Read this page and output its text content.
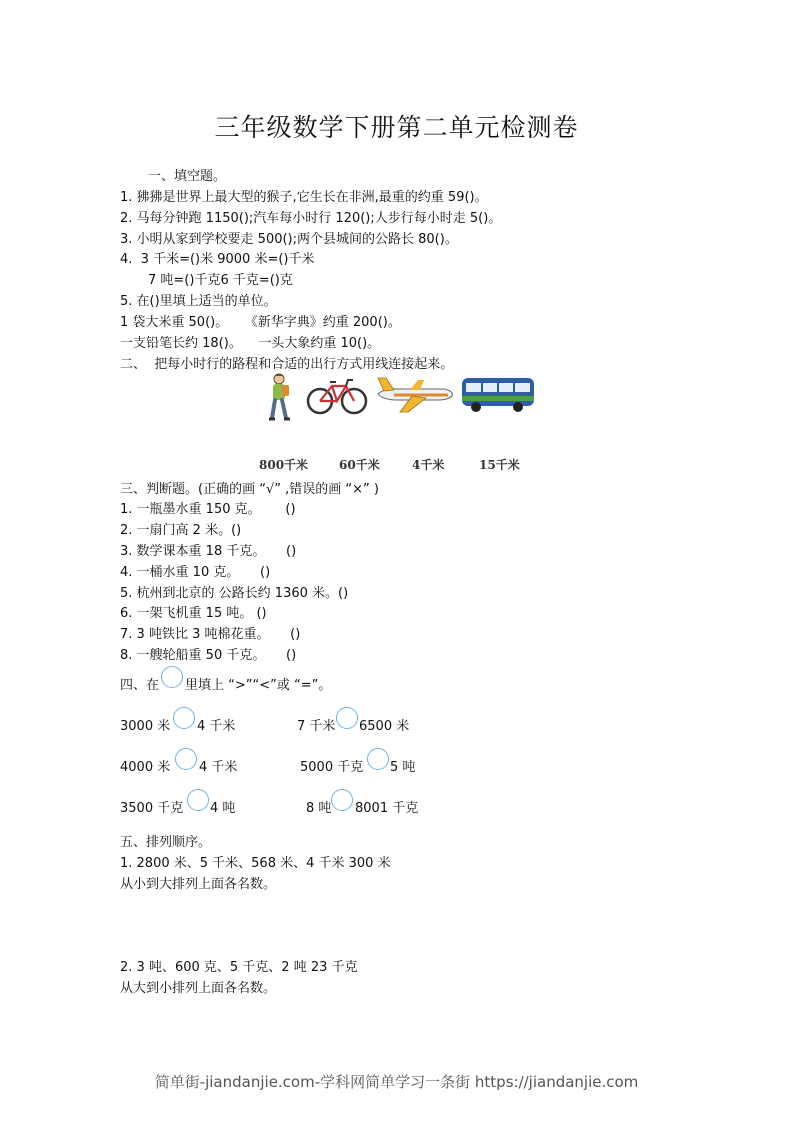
三年级数学下册第二单元检测卷
一、填空题。
1. 狒狒是世界上最大型的猴子,它生长在非洲,最重的约重 59()。
2. 马每分钟跑 1150();汽车每小时行 120();人步行每小时走 5()。
3. 小明从家到学校要走 500();两个县城间的公路长 80()。
4.  3 千米=()米 9000 米=()千米
7 吨=()千克6 千克=()克
5. 在()里填上适当的单位。
1 袋大米重 50()。    《新华字典》约重 200()。
一支铅笔长约 18()。    一头大象约重 10()。
二、  把每小时行的路程和合适的出行方式用线连接起来。
800千米	60千米	4千米	15千米
三、判断题。(正确的画 “√” ,错误的画 “×” )
1. 一瓶墨水重 150 克。      ()
2. 一扇门高 2 米。()
3. 数学课本重 18 千克。     ()
4. 一桶水重 10 克。     ()
5. 杭州到北京的 公路长约 1360 米。()
6. 一架飞机重 15 吨。 ()
7. 3 吨铁比 3 吨棉花重。     ()
8. 一艘轮船重 50 千克。     ()
四、在 里填上 “>”“<”或 “=”。
3000 米 4 千米	7 千米 6500 米
4000 米 4 千米	5000 千克 5 吨
3500 千克 4 吨	8 吨 8001 千克
五、排列顺序。
1. 2800 米、5 千米、568 米、4 千米 300 米
从小到大排列上面各名数。
2. 3 吨、600 克、5 千克、2 吨 23 千克
从大到小排列上面各名数。
简单街-jiandanjie.com-学科网简单学习一条街 https://jiandanjie.com
